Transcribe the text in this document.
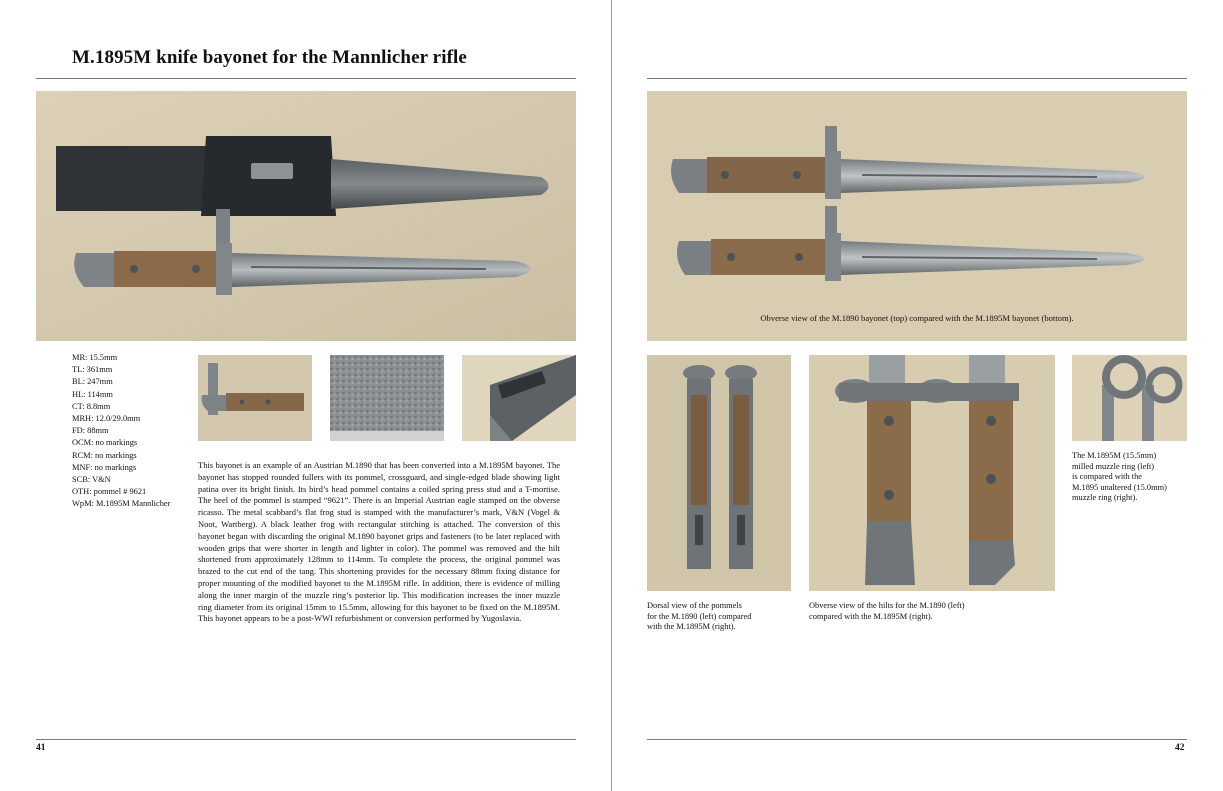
M.1895M knife bayonet for the Mannlicher rifle
MR: 15.5mm
TL: 361mm
BL: 247mm
HL: 114mm
CT: 8.8mm
MRH: 12.0/29.0mm
FD: 88mm
OCM: no markings
RCM: no markings
MNF: no markings
SCB: V&N
OTH: pommel # 9621
WpM: M.1895M Mannlicher
This bayonet is an example of an Austrian M.1890 that has been converted into a M.1895M bayonet. The bayonet has stopped rounded fullers with its pommel, crossguard, and single-edged blade showing light patina over its bright finish. Its bird’s head pommel contains a coiled spring press stud and a T-mortise. The heel of the pommel is stamped “9621”. There is an Imperial Austrian eagle stamped on the obverse ricasso. The metal scabbard’s flat frog stud is stamped with the manufacturer’s mark, V&N (Vogel & Noot, Wartberg). A black leather frog with rectangular stitching is attached. The conversion of this bayonet began with discarding the original M.1890 bayonet grips and fasteners (to be later replaced with wooden grips that were shorter in length and lighter in color). The pommel was removed and the hilt shortened from approximately 128mm to 114mm. To complete the process, the original pommel was brazed to the cut end of the tang. This shortening provides for the necessary 88mm fixing distance for proper mounting of the modified bayonet to the M.1895M rifle. In addition, there is evidence of milling along the inner margin of the muzzle ring’s posterior lip. This modification increases the inner muzzle ring diameter from its original 15mm to 15.5mm, allowing for this bayonet to be fixed on the M.1895M. This bayonet appears to be a post-WWI refurbishment or conversion performed by Yugoslavia.
41
Obverse view of the M.1890 bayonet (top) compared with the M.1895M bayonet (bottom).
Dorsal view of the pommels
for the M.1890 (left) compared
with the M.1895M (right).
Obverse view of the hilts for the M.1890 (left)
compared with the M.1895M (right).
The M.1895M (15.5mm)
milled muzzle ring (left)
is compared with the
M.1895 unaltered (15.0mm)
muzzle ring (right).
42
